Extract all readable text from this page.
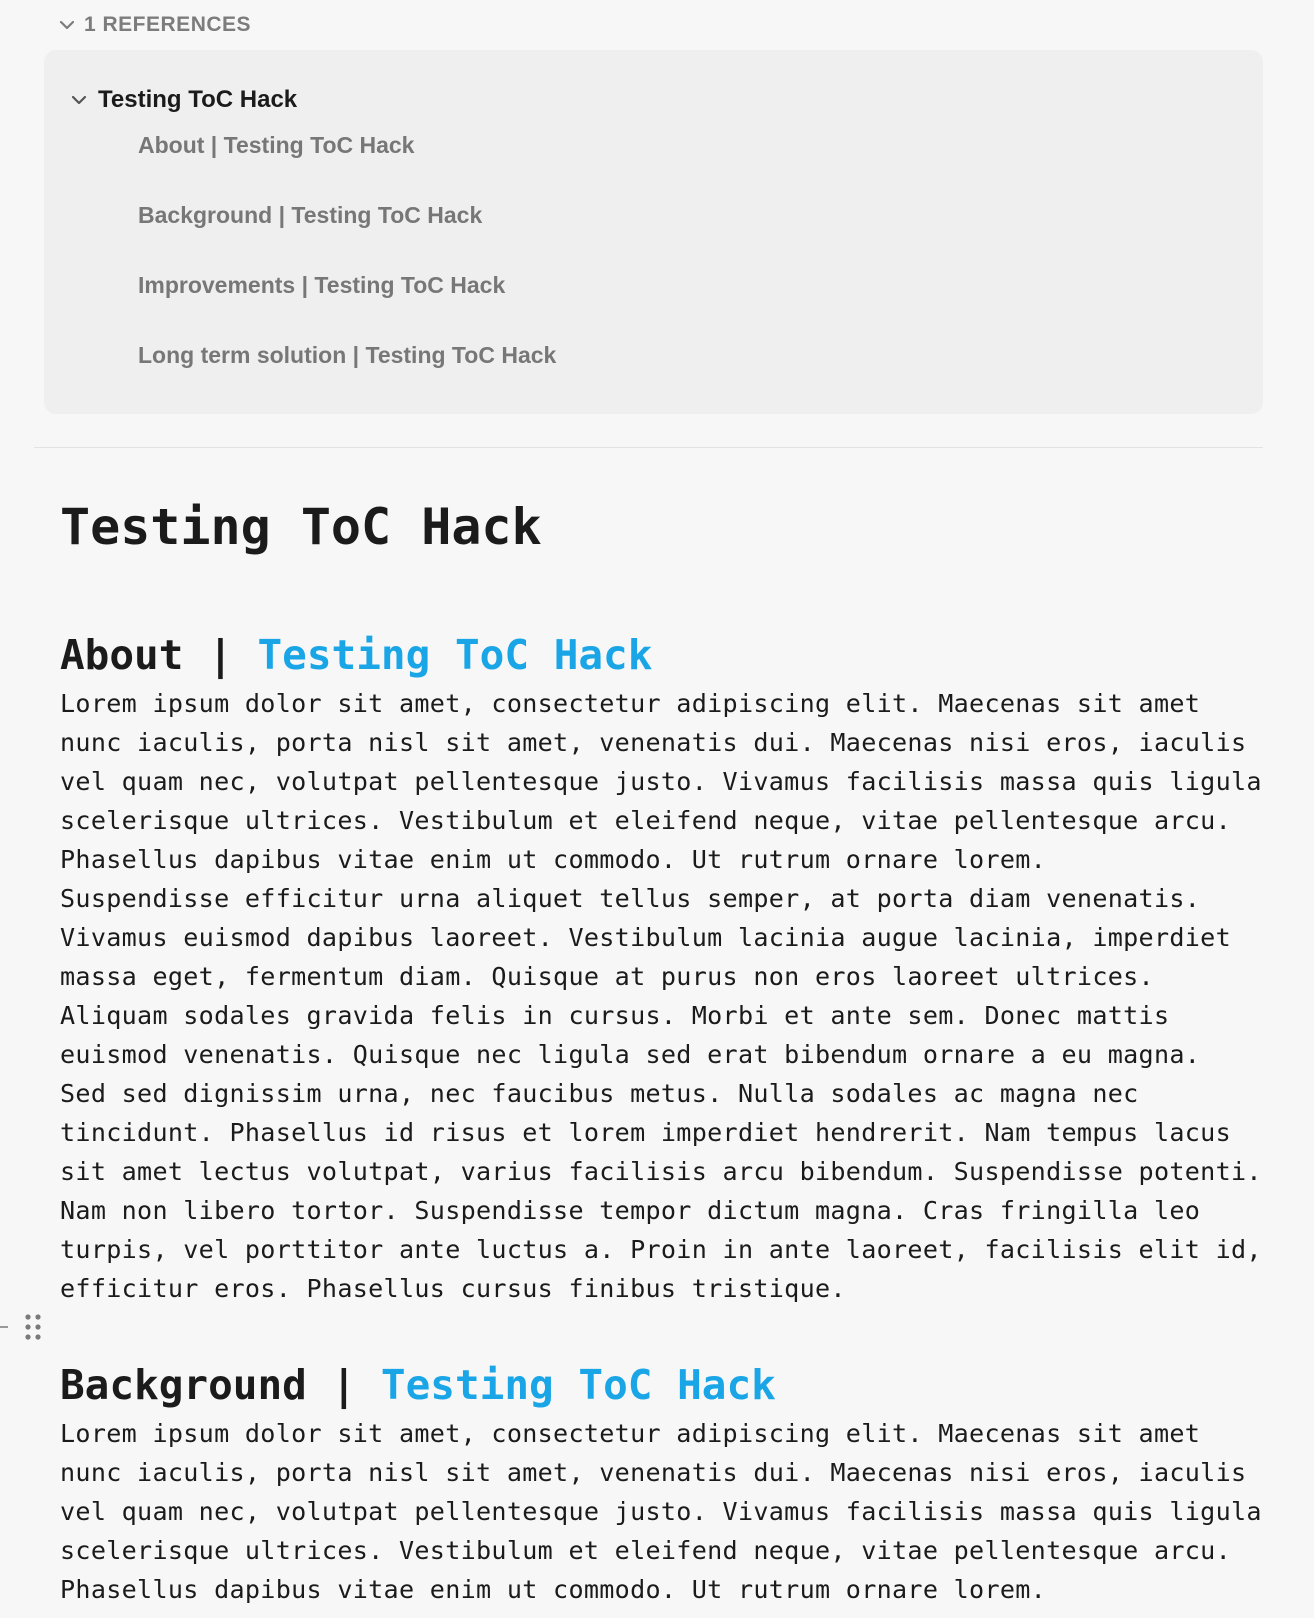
1 REFERENCES
Testing ToC Hack
About | Testing ToC Hack
Background | Testing ToC Hack
Improvements | Testing ToC Hack
Long term solution | Testing ToC Hack
Testing ToC Hack
About | Testing ToC Hack

Lorem ipsum dolor sit amet, consectetur adipiscing elit. Maecenas sit amet
nunc iaculis, porta nisl sit amet, venenatis dui. Maecenas nisi eros, iaculis
vel quam nec, volutpat pellentesque justo. Vivamus facilisis massa quis ligula
scelerisque ultrices. Vestibulum et eleifend neque, vitae pellentesque arcu.
Phasellus dapibus vitae enim ut commodo. Ut rutrum ornare lorem.
Suspendisse efficitur urna aliquet tellus semper, at porta diam venenatis.
Vivamus euismod dapibus laoreet. Vestibulum lacinia augue lacinia, imperdiet
massa eget, fermentum diam. Quisque at purus non eros laoreet ultrices.
Aliquam sodales gravida felis in cursus. Morbi et ante sem. Donec mattis
euismod venenatis. Quisque nec ligula sed erat bibendum ornare a eu magna.
Sed sed dignissim urna, nec faucibus metus. Nulla sodales ac magna nec
tincidunt. Phasellus id risus et lorem imperdiet hendrerit. Nam tempus lacus
sit amet lectus volutpat, varius facilisis arcu bibendum. Suspendisse potenti.
Nam non libero tortor. Suspendisse tempor dictum magna. Cras fringilla leo
turpis, vel porttitor ante luctus a. Proin in ante laoreet, facilisis elit id,
efficitur eros. Phasellus cursus finibus tristique.

Background | Testing ToC Hack

Lorem ipsum dolor sit amet, consectetur adipiscing elit. Maecenas sit amet
nunc iaculis, porta nisl sit amet, venenatis dui. Maecenas nisi eros, iaculis
vel quam nec, volutpat pellentesque justo. Vivamus facilisis massa quis ligula
scelerisque ultrices. Vestibulum et eleifend neque, vitae pellentesque arcu.
Phasellus dapibus vitae enim ut commodo. Ut rutrum ornare lorem.
